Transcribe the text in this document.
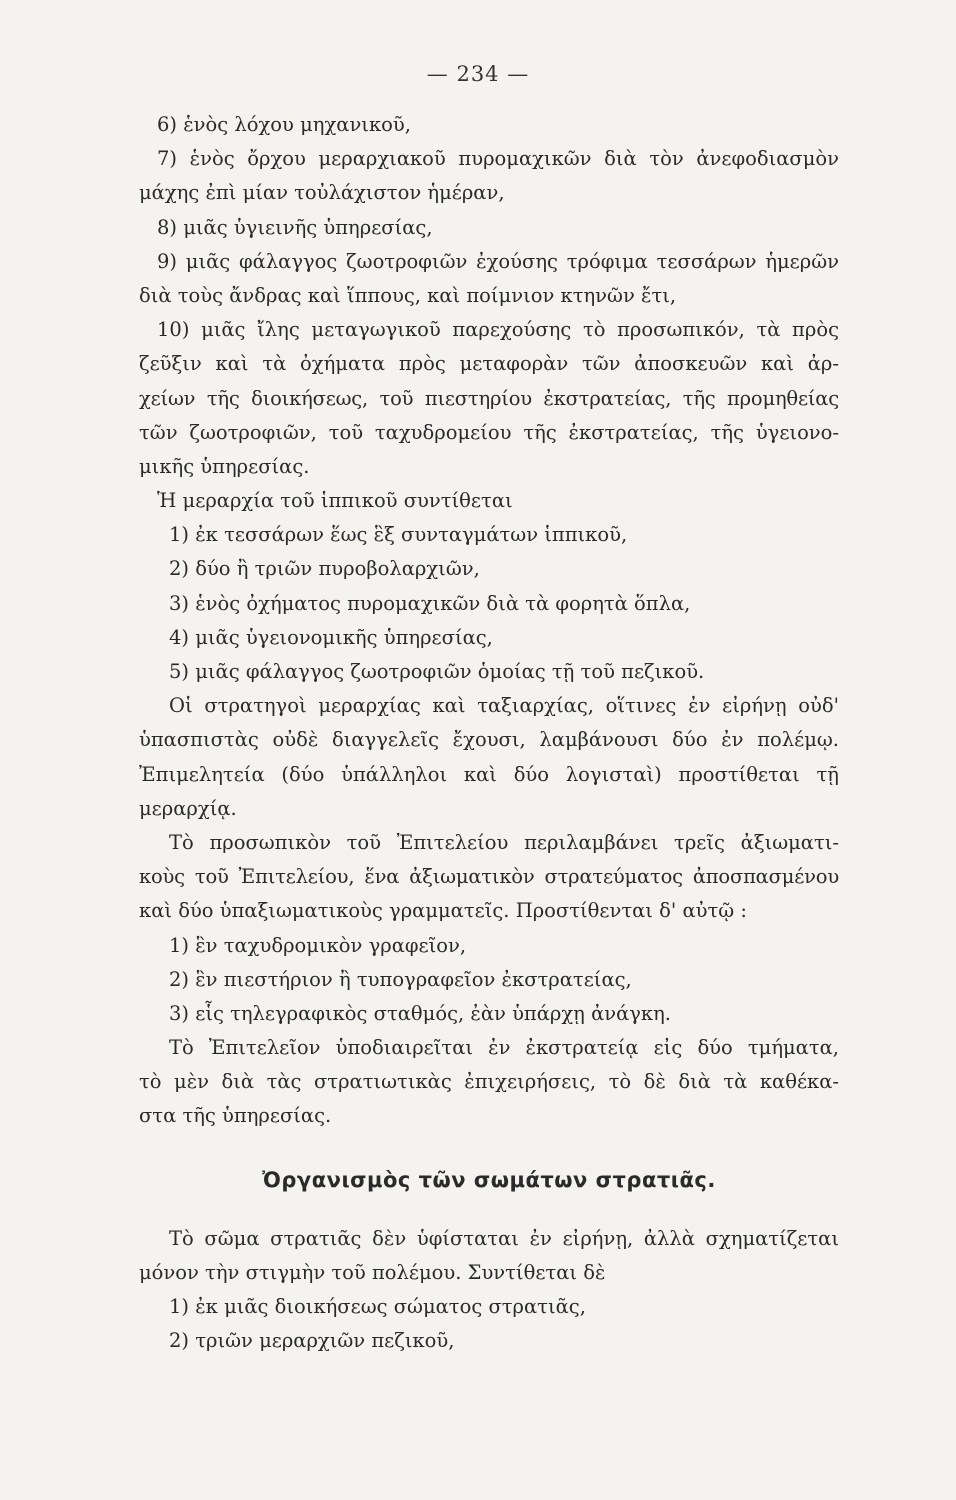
— 234 —
6) ἑνὸς λόχου μηχανικοῦ,
7) ἑνὸς ὄρχου μεραρχιακοῦ πυρομαχικῶν διὰ τὸν ἀνεφοδιασμὸν
μάχης ἐπὶ μίαν τοὐλάχιστον ἡμέραν,
8) μιᾶς ὑγιεινῆς ὑπηρεσίας,
9) μιᾶς φάλαγγος ζωοτροφιῶν ἐχούσης τρόφιμα τεσσάρων ἡμερῶν
διὰ τοὺς ἄνδρας καὶ ἵππους, καὶ ποίμνιον κτηνῶν ἔτι,
10) μιᾶς ἴλης μεταγωγικοῦ παρεχούσης τὸ προσωπικόν, τὰ πρὸς
ζεῦξιν καὶ τὰ ὀχήματα πρὸς μεταφορὰν τῶν ἀποσκευῶν καὶ ἀρ-
χείων τῆς διοικήσεως, τοῦ πιεστηρίου ἐκστρατείας, τῆς προμηθείας
τῶν ζωοτροφιῶν, τοῦ ταχυδρομείου τῆς ἐκστρατείας, τῆς ὑγειονο-
μικῆς ὑπηρεσίας.
Ἡ μεραρχία τοῦ ἱππικοῦ συντίθεται
1) ἐκ τεσσάρων ἕως ἓξ συνταγμάτων ἱππικοῦ,
2) δύο ἢ τριῶν πυροβολαρχιῶν,
3) ἑνὸς ὀχήματος πυρομαχικῶν διὰ τὰ φορητὰ ὅπλα,
4) μιᾶς ὑγειονομικῆς ὑπηρεσίας,
5) μιᾶς φάλαγγος ζωοτροφιῶν ὁμοίας τῇ τοῦ πεζικοῦ.
Οἱ στρατηγοὶ μεραρχίας καὶ ταξιαρχίας, οἵτινες ἐν εἰρήνῃ οὐδ'
ὑπασπιστὰς οὐδὲ διαγγελεῖς ἔχουσι, λαμβάνουσι δύο ἐν πολέμῳ.
Ἐπιμελητεία (δύο ὑπάλληλοι καὶ δύο λογισταὶ) προστίθεται τῇ
μεραρχίᾳ.
Τὸ προσωπικὸν τοῦ Ἐπιτελείου περιλαμβάνει τρεῖς ἀξιωματι-
κοὺς τοῦ Ἐπιτελείου, ἕνα ἀξιωματικὸν στρατεύματος ἀποσπασμένου
καὶ δύο ὑπαξιωματικοὺς γραμματεῖς. Προστίθενται δ' αὐτῷ :
1) ἓν ταχυδρομικὸν γραφεῖον,
2) ἓν πιεστήριον ἢ τυπογραφεῖον ἐκστρατείας,
3) εἷς τηλεγραφικὸς σταθμός, ἐὰν ὑπάρχῃ ἀνάγκη.
Τὸ Ἐπιτελεῖον ὑποδιαιρεῖται ἐν ἐκστρατείᾳ εἰς δύο τμήματα,
τὸ μὲν διὰ τὰς στρατιωτικὰς ἐπιχειρήσεις, τὸ δὲ διὰ τὰ καθέκα-
στα τῆς ὑπηρεσίας.
Ὀργανισμὸς τῶν σωμάτων στρατιᾶς.
Τὸ σῶμα στρατιᾶς δὲν ὑφίσταται ἐν εἰρήνῃ, ἀλλὰ σχηματίζεται
μόνον τὴν στιγμὴν τοῦ πολέμου. Συντίθεται δὲ
1) ἐκ μιᾶς διοικήσεως σώματος στρατιᾶς,
2) τριῶν μεραρχιῶν πεζικοῦ,
